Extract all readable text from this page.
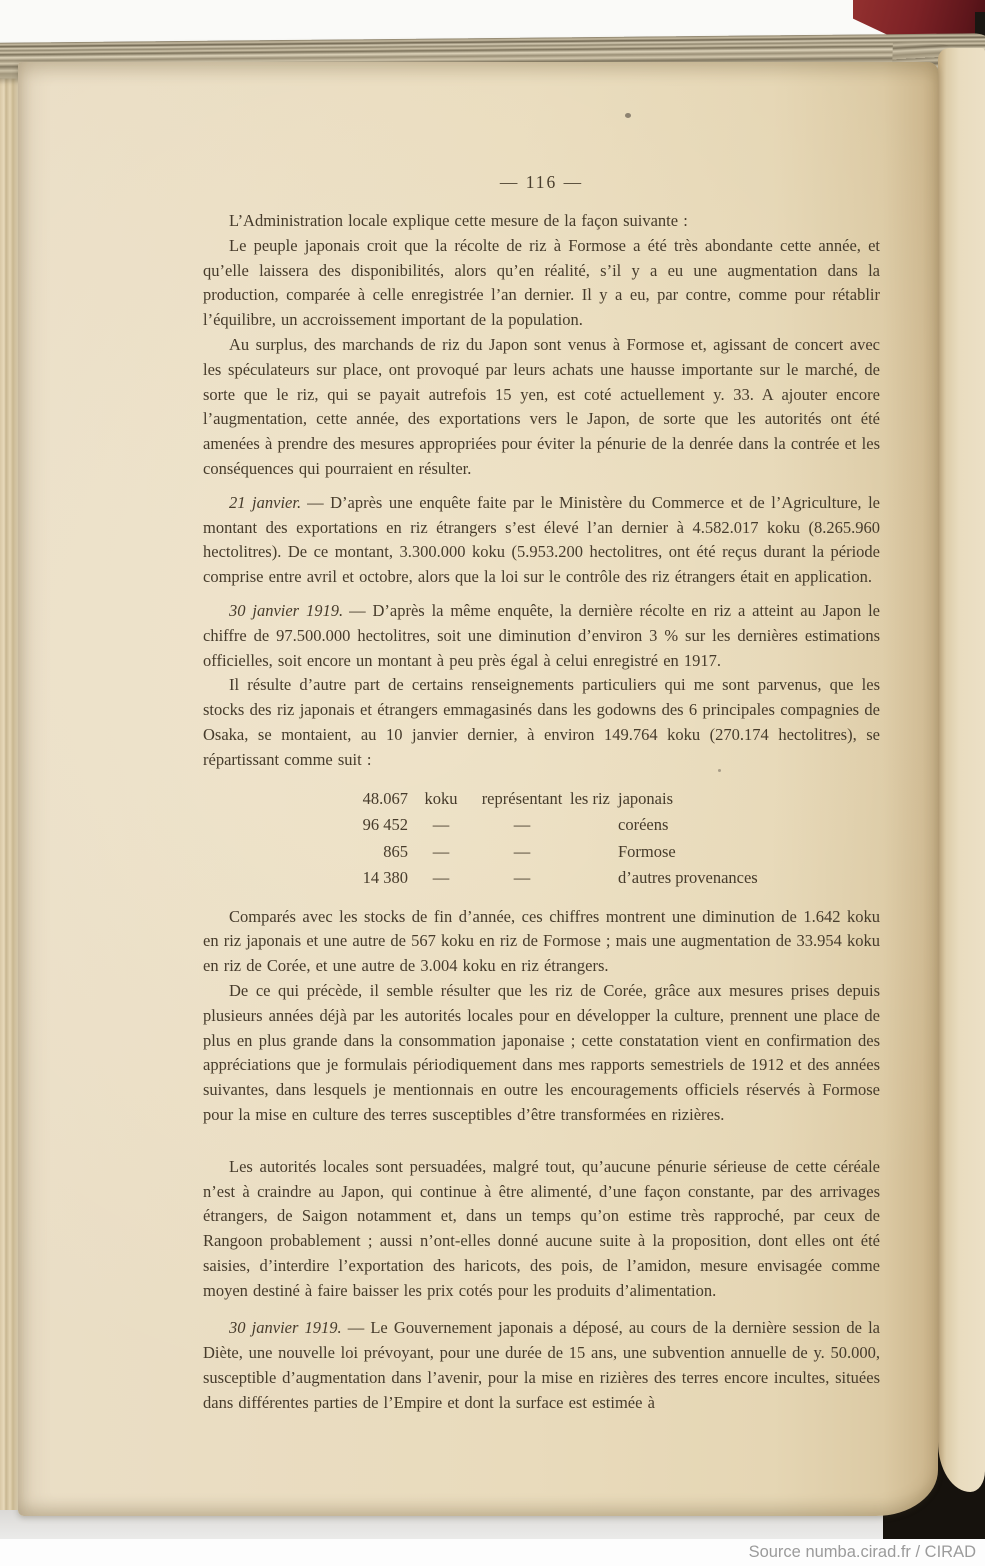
— 116 —

L’Administration locale explique cette mesure de la façon suivante :

Le peuple japonais croit que la récolte de riz à Formose a été très abondante cette année, et qu’elle laissera des disponibilités, alors qu’en réalité, s’il y a eu une augmentation dans la production, comparée à celle enregistrée l’an dernier. Il y a eu, par contre, comme pour rétablir l’équilibre, un accroissement important de la population.

Au surplus, des marchands de riz du Japon sont venus à Formose et, agissant de concert avec les spéculateurs sur place, ont provoqué par leurs achats une hausse importante sur le marché, de sorte que le riz, qui se payait autrefois 15 yen, est coté actuellement y. 33. A ajouter encore l’augmentation, cette année, des exportations vers le Japon, de sorte que les autorités ont été amenées à prendre des mesures appropriées pour éviter la pénurie de la denrée dans la contrée et les conséquences qui pourraient en résulter.

21 janvier. — D’après une enquête faite par le Ministère du Commerce et de l’Agriculture, le montant des exportations en riz étrangers s’est élevé l’an dernier à 4.582.017 koku (8.265.960 hectolitres). De ce montant, 3.300.000 koku (5.953.200 hectolitres, ont été reçus durant la période comprise entre avril et octobre, alors que la loi sur le contrôle des riz étrangers était en application.

30 janvier 1919. — D’après la même enquête, la dernière récolte en riz a atteint au Japon le chiffre de 97.500.000 hectolitres, soit une diminution d’environ 3 % sur les dernières estimations officielles, soit encore un montant à peu près égal à celui enregistré en 1917.

Il résulte d’autre part de certains renseignements particuliers qui me sont parvenus, que les stocks des riz japonais et étrangers emmagasinés dans les godowns des 6 principales compagnies de Osaka, se montaient, au 10 janvier dernier, à environ 149.764 koku (270.174 hectolitres), se répartissant comme suit :

48.067	koku	représentant les riz japonais
96 452	—	—	coréens
865	—	—	Formose
14 380	—	—	d’autres provenances

Comparés avec les stocks de fin d’année, ces chiffres montrent une diminution de 1.642 koku en riz japonais et une autre de 567 koku en riz de Formose ; mais une augmentation de 33.954 koku en riz de Corée, et une autre de 3.004 koku en riz étrangers.

De ce qui précède, il semble résulter que les riz de Corée, grâce aux mesures prises depuis plusieurs années déjà par les autorités locales pour en développer la culture, prennent une place de plus en plus grande dans la consommation japonaise ; cette constatation vient en confirmation des appréciations que je formulais périodiquement dans mes rapports semestriels de 1912 et des années suivantes, dans lesquels je mentionnais en outre les encouragements officiels réservés à Formose pour la mise en culture des terres susceptibles d’être transformées en rizières.

Les autorités locales sont persuadées, malgré tout, qu’aucune pénurie sérieuse de cette céréale n’est à craindre au Japon, qui continue à être alimenté, d’une façon constante, par des arrivages étrangers, de Saigon notamment et, dans un temps qu’on estime très rapproché, par ceux de Rangoon probablement ; aussi n’ont-elles donné aucune suite à la proposition, dont elles ont été saisies, d’interdire l’exportation des haricots, des pois, de l’amidon, mesure envisagée comme moyen destiné à faire baisser les prix cotés pour les produits d’alimentation.

30 janvier 1919. — Le Gouvernement japonais a déposé, au cours de la dernière session de la Diète, une nouvelle loi prévoyant, pour une durée de 15 ans, une subvention annuelle de y. 50.000, susceptible d’augmentation dans l’avenir, pour la mise en rizières des terres encore incultes, situées dans différentes parties de l’Empire et dont la surface est estimée à

Source numba.cirad.fr / CIRAD
